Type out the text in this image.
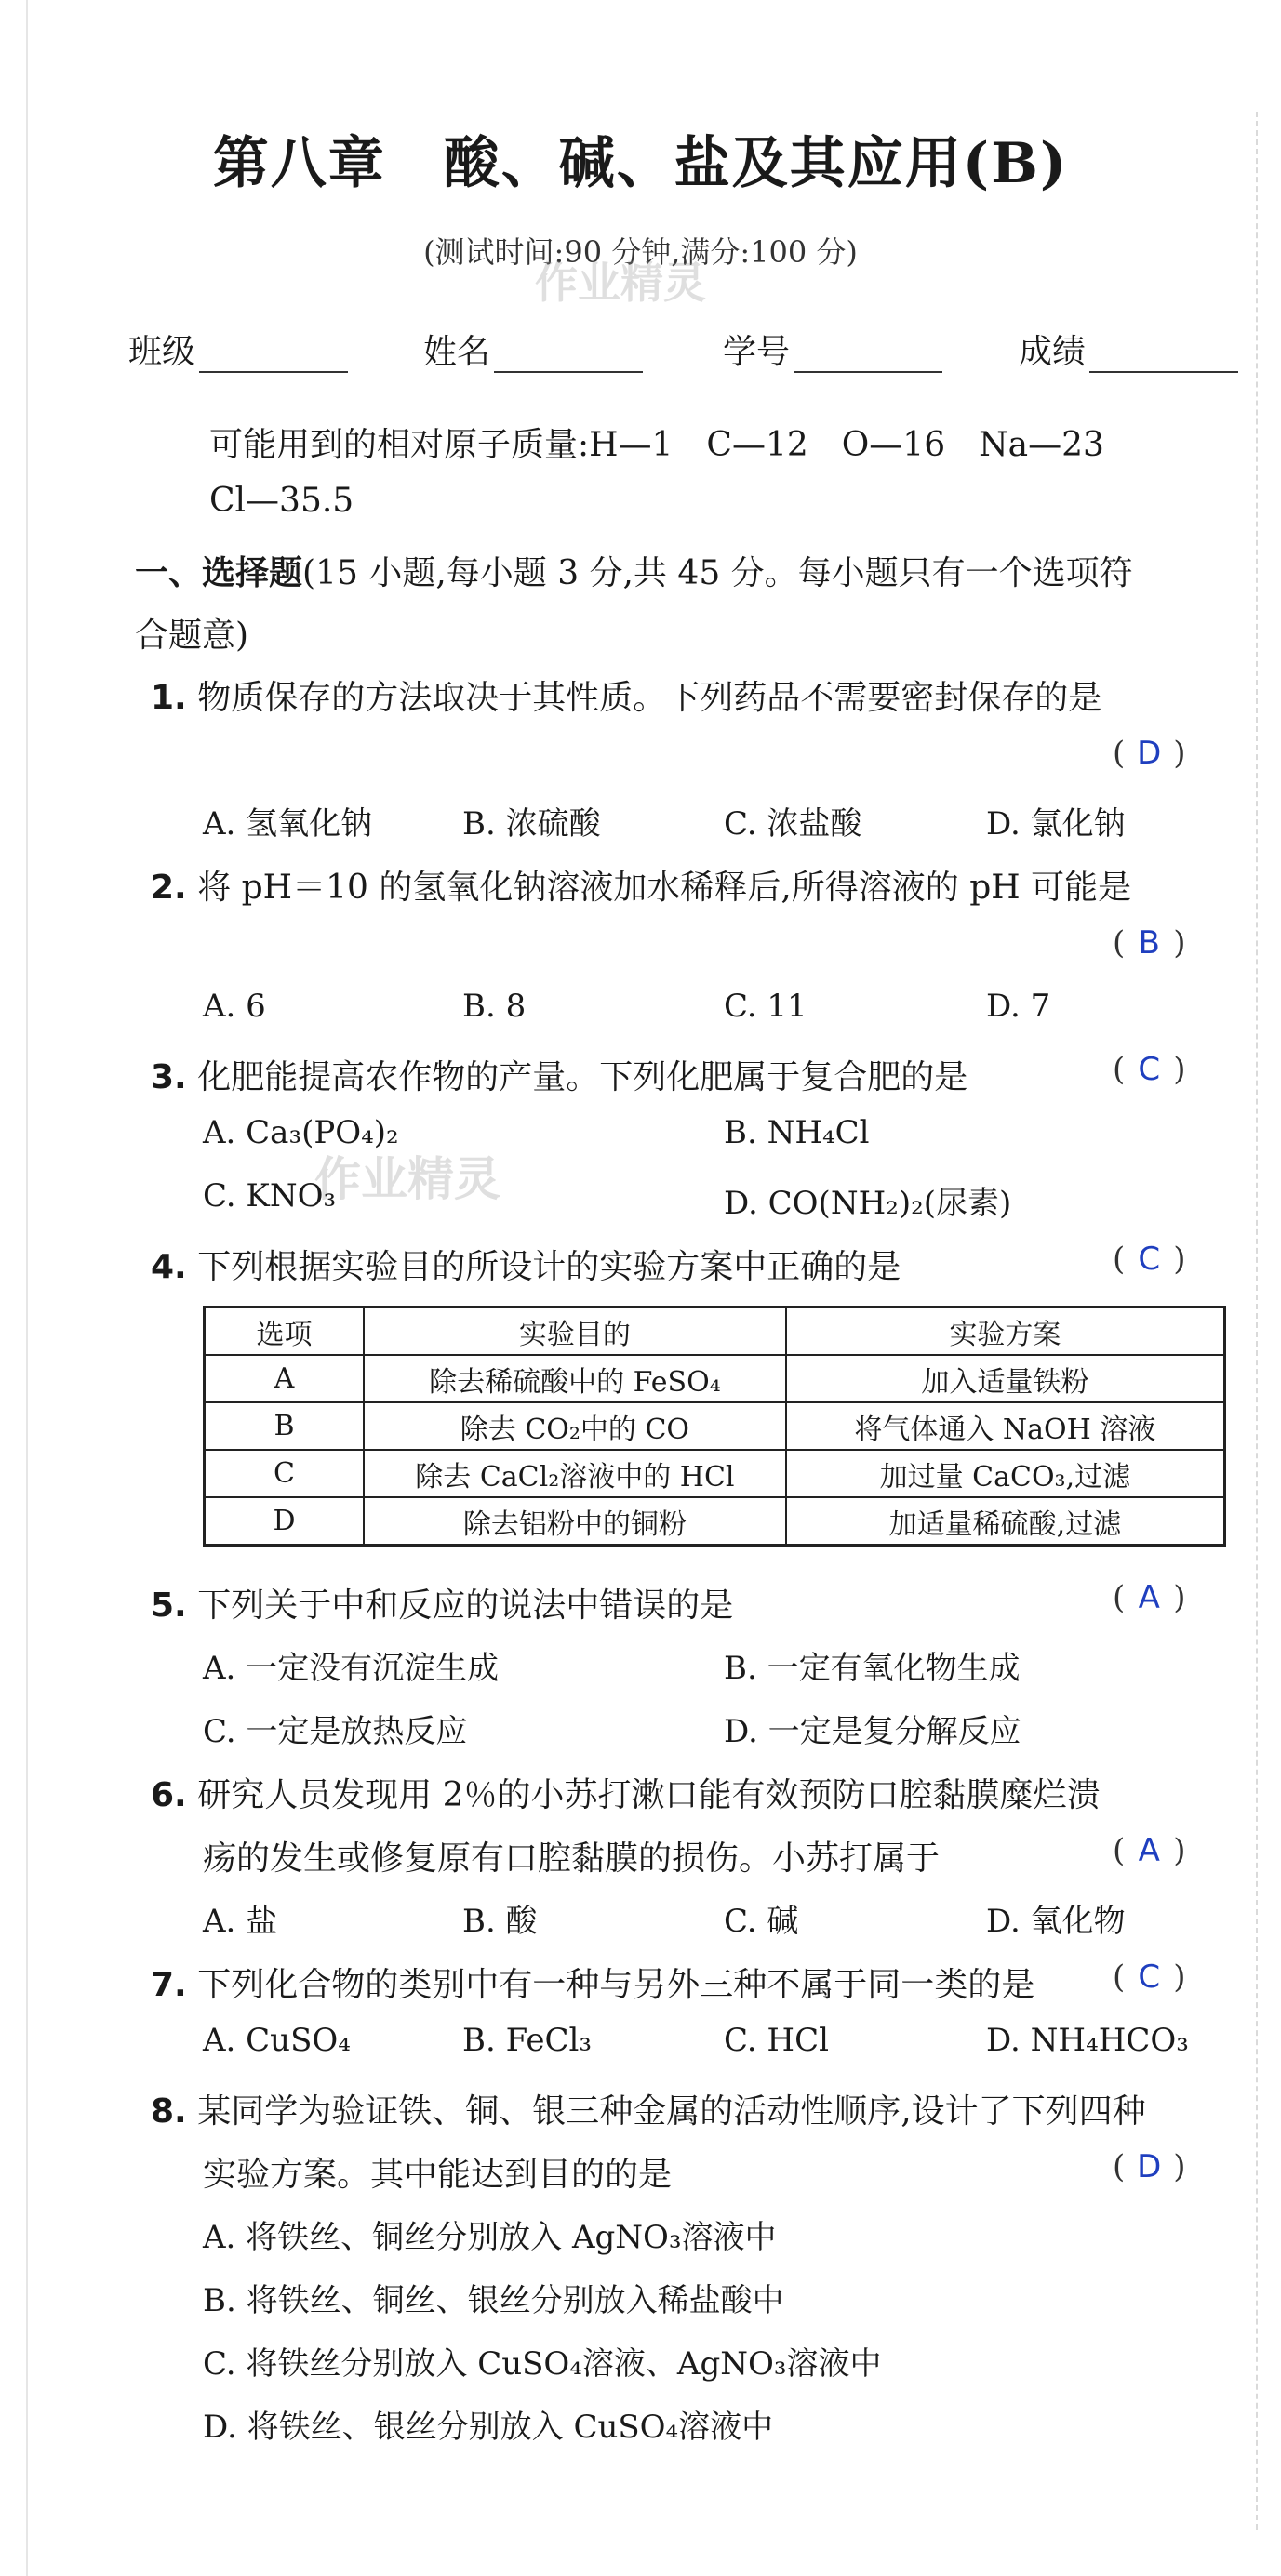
第八章　酸、碱、盐及其应用(B)
(测试时间:90 分钟,满分:100 分)
作业精灵
作业精灵
班级	姓名	学号	成绩
可能用到的相对原子质量:H—1　C—12　O—16　Na—23
Cl—35.5
一、选择题(15 小题,每小题 3 分,共 45 分。每小题只有一个选项符
合题意)
1. 物质保存的方法取决于其性质。下列药品不需要密封保存的是
( D )
A. 氢氧化钠	B. 浓硫酸	C. 浓盐酸	D. 氯化钠
2. 将 pH＝10 的氢氧化钠溶液加水稀释后,所得溶液的 pH 可能是
( B )
A. 6	B. 8	C. 11	D. 7
3. 化肥能提高农作物的产量。下列化肥属于复合肥的是	( C )
A. Ca₃(PO₄)₂	B. NH₄Cl
C. KNO₃	D. CO(NH₂)₂(尿素)
4. 下列根据实验目的所设计的实验方案中正确的是	( C )
选项	实验目的	实验方案
A	除去稀硫酸中的 FeSO₄	加入适量铁粉
B	除去 CO₂中的 CO	将气体通入 NaOH 溶液
C	除去 CaCl₂溶液中的 HCl	加过量 CaCO₃,过滤
D	除去铝粉中的铜粉	加适量稀硫酸,过滤
5. 下列关于中和反应的说法中错误的是	( A )
A. 一定没有沉淀生成	B. 一定有氧化物生成
C. 一定是放热反应	D. 一定是复分解反应
6. 研究人员发现用 2％的小苏打漱口能有效预防口腔黏膜糜烂溃
疡的发生或修复原有口腔黏膜的损伤。小苏打属于	( A )
A. 盐	B. 酸	C. 碱	D. 氧化物
7. 下列化合物的类别中有一种与另外三种不属于同一类的是 ( C )
A. CuSO₄	B. FeCl₃	C. HCl	D. NH₄HCO₃
8. 某同学为验证铁、铜、银三种金属的活动性顺序,设计了下列四种
实验方案。其中能达到目的的是	( D )
A. 将铁丝、铜丝分别放入 AgNO₃溶液中
B. 将铁丝、铜丝、银丝分别放入稀盐酸中
C. 将铁丝分别放入 CuSO₄溶液、AgNO₃溶液中
D. 将铁丝、银丝分别放入 CuSO₄溶液中
